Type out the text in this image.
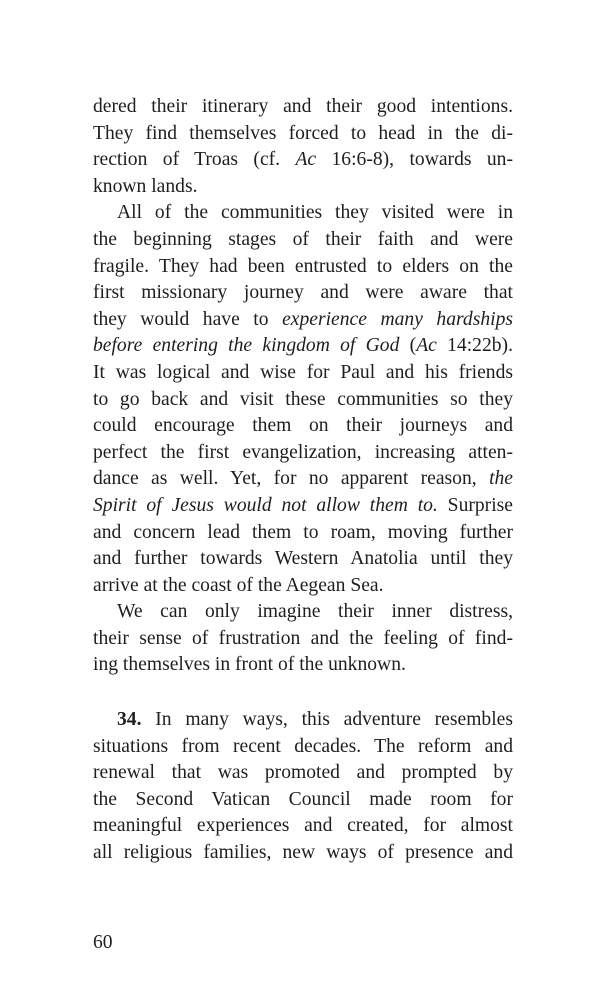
dered their itinerary and their good intentions.
They find themselves forced to head in the di-
rection of Troas (cf. Ac 16:6-8), towards un-
known lands.
All of the communities they visited were in
the beginning stages of their faith and were
fragile. They had been entrusted to elders on the
first missionary journey and were aware that
they would have to experience many hardships
before entering the kingdom of God (Ac 14:22b).
It was logical and wise for Paul and his friends
to go back and visit these communities so they
could encourage them on their journeys and
perfect the first evangelization, increasing atten-
dance as well. Yet, for no apparent reason, the
Spirit of Jesus would not allow them to. Surprise
and concern lead them to roam, moving further
and further towards Western Anatolia until they
arrive at the coast of the Aegean Sea.
We can only imagine their inner distress,
their sense of frustration and the feeling of find-
ing themselves in front of the unknown.
34. In many ways, this adventure resembles
situations from recent decades. The reform and
renewal that was promoted and prompted by
the Second Vatican Council made room for
meaningful experiences and created, for almost
all religious families, new ways of presence and
60
